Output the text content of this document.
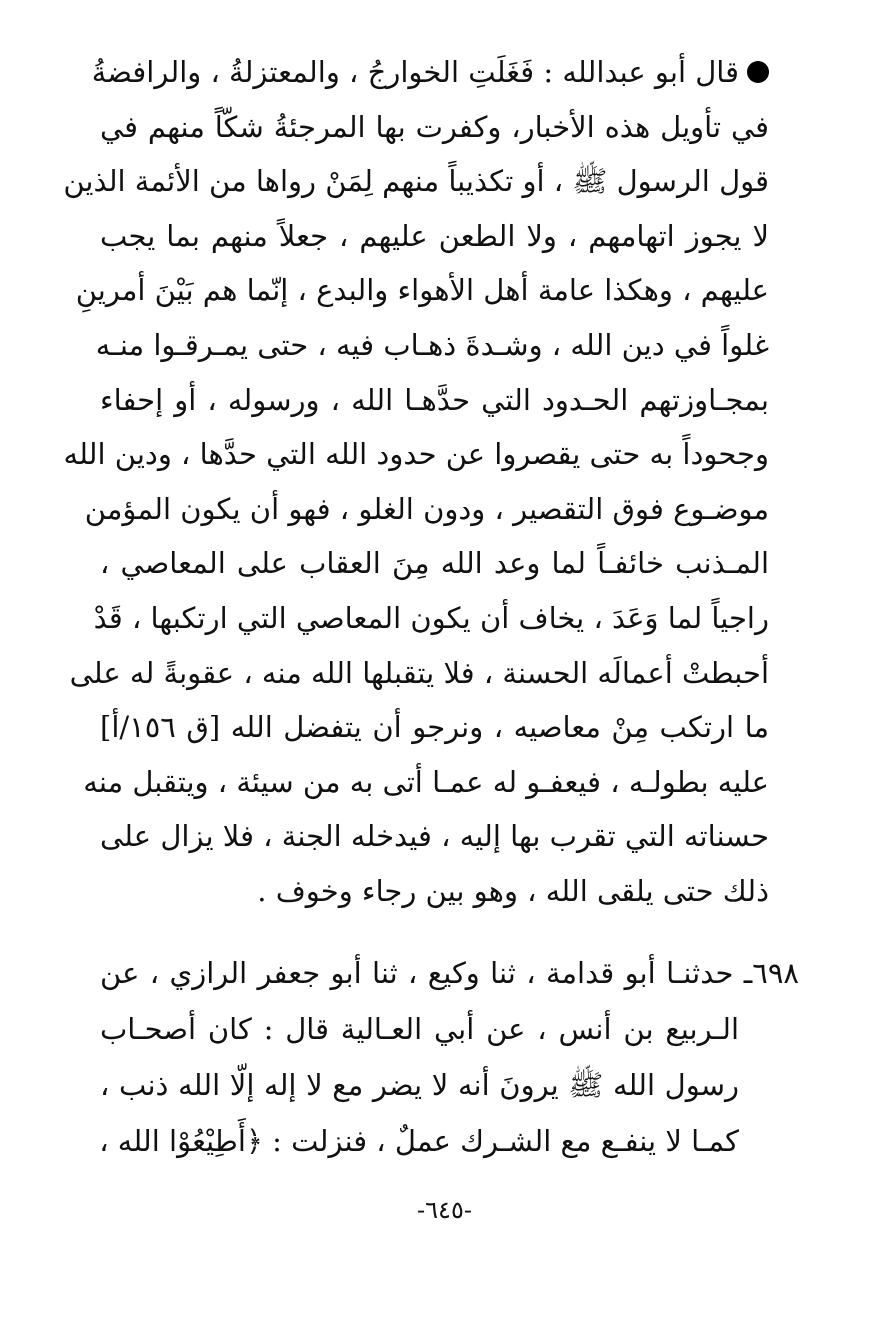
قال أبو عبدالله : فَغَلَتِ الخوارجُ ، والمعتزلةُ ، والرافضةُ
في تأويل هذه الأخبار، وكفرت بها المرجئةُ شكّاً منهم في
قول الرسول ﷺ ، أو تكذيباً منهم لِمَنْ رواها من الأئمة الذين
لا يجوز اتهامهم ، ولا الطعن عليهم ، جعلاً منهم بما يجب
عليهم ، وهكذا عامة أهل الأهواء والبدع ، إنّما هم بَيْنَ أمرينِ
غلواً في دين الله ، وشـدةَ ذهـاب فيه ، حتى يمـرقـوا منـه
بمجـاوزتهم الحـدود التي حدَّهـا الله ، ورسوله ، أو إحفاء
وجحوداً به حتى يقصروا عن حدود الله التي حدَّها ، ودين الله
موضـوع فوق التقصير ، ودون الغلو ، فهو أن يكون المؤمن
المـذنب خائفـاً لما وعد الله مِنَ العقاب على المعاصي ،
راجياً لما وَعَدَ ، يخاف أن يكون المعاصي التي ارتكبها ، قَدْ
أحبطتْ أعمالَه الحسنة ، فلا يتقبلها الله منه ، عقوبةً له على
ما ارتكب مِنْ معاصيه ، ونرجو أن يتفضل الله [ق ١٥٦/أ]
عليه بطولـه ، فيعفـو له عمـا أتى به من سيئة ، ويتقبل منه
حسناته التي تقرب بها إليه ، فيدخله الجنة ، فلا يزال على
ذلك حتى يلقى الله ، وهو بين رجاء وخوف .
٦٩٨ـ حدثنـا أبو قدامة ، ثنا وكيع ، ثنا أبو جعفر الرازي ، عن
الـربيع بن أنس ، عن أبي العـالية قال : كان أصحـاب
رسول الله ﷺ يرونَ أنه لا يضر مع لا إله إلّا الله ذنب ،
كمـا لا ينفـع مع الشـرك عملٌ ، فنزلت : ﴿أَطِيْعُوْا الله ،
-٦٤٥-
